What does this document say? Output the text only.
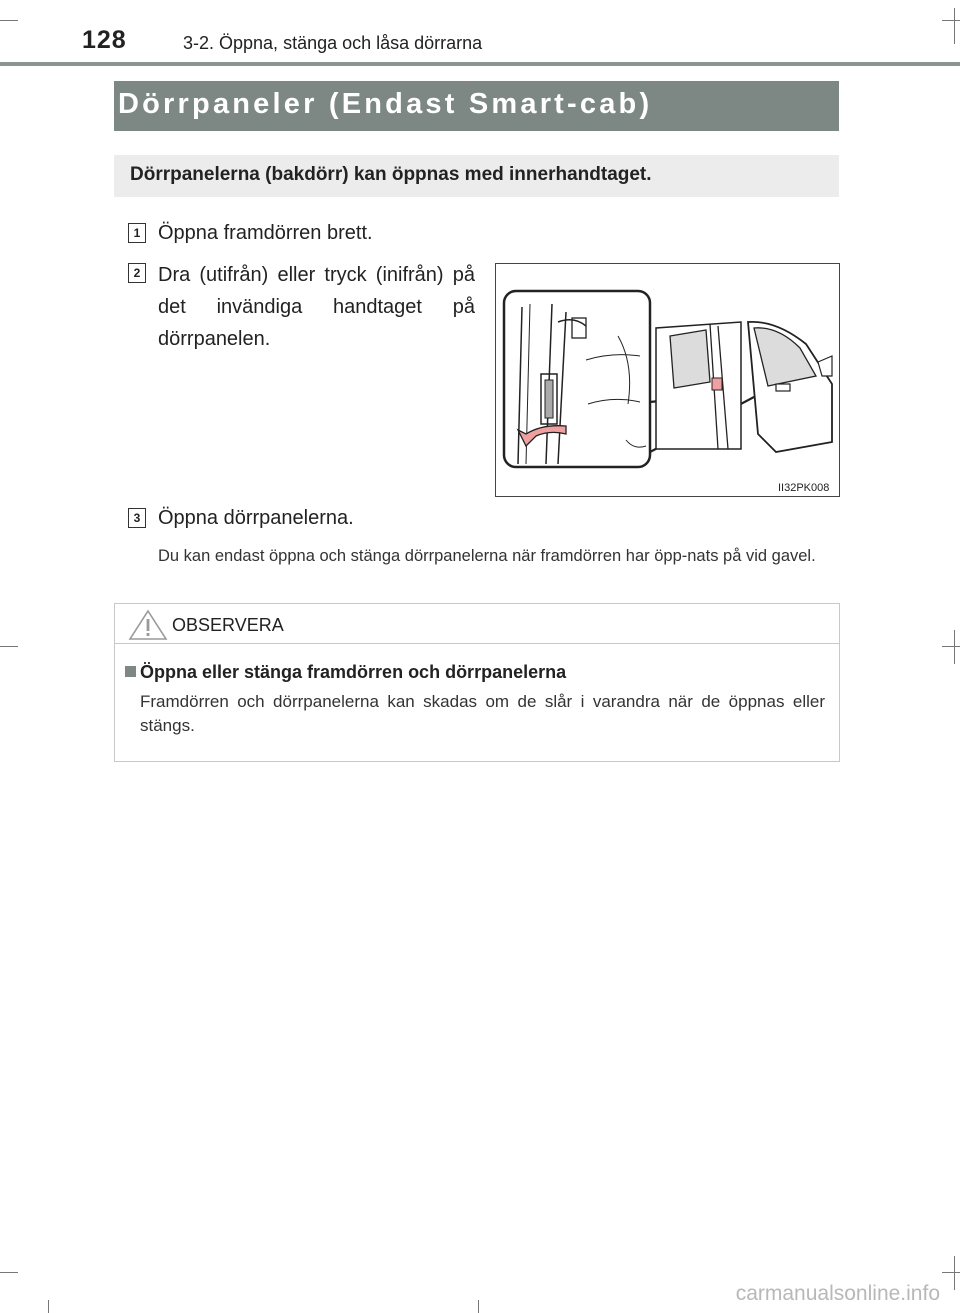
128	3-2. Öppna, stänga och låsa dörrarna
Dörrpaneler (Endast Smart-cab)
Dörrpanelerna (bakdörr) kan öppnas med innerhandtaget.
1 Öppna framdörren brett.
2 Dra (utifrån) eller tryck (inifrån) på det invändiga handtaget på dörrpanelen.
II32PK008
3 Öppna dörrpanelerna.
Du kan endast öppna och stänga dörrpanelerna när framdörren har öpp-nats på vid gavel.
OBSERVERA
Öppna eller stänga framdörren och dörrpanelerna
Framdörren och dörrpanelerna kan skadas om de slår i varandra när de öppnas eller stängs.
carmanualsonline.info
